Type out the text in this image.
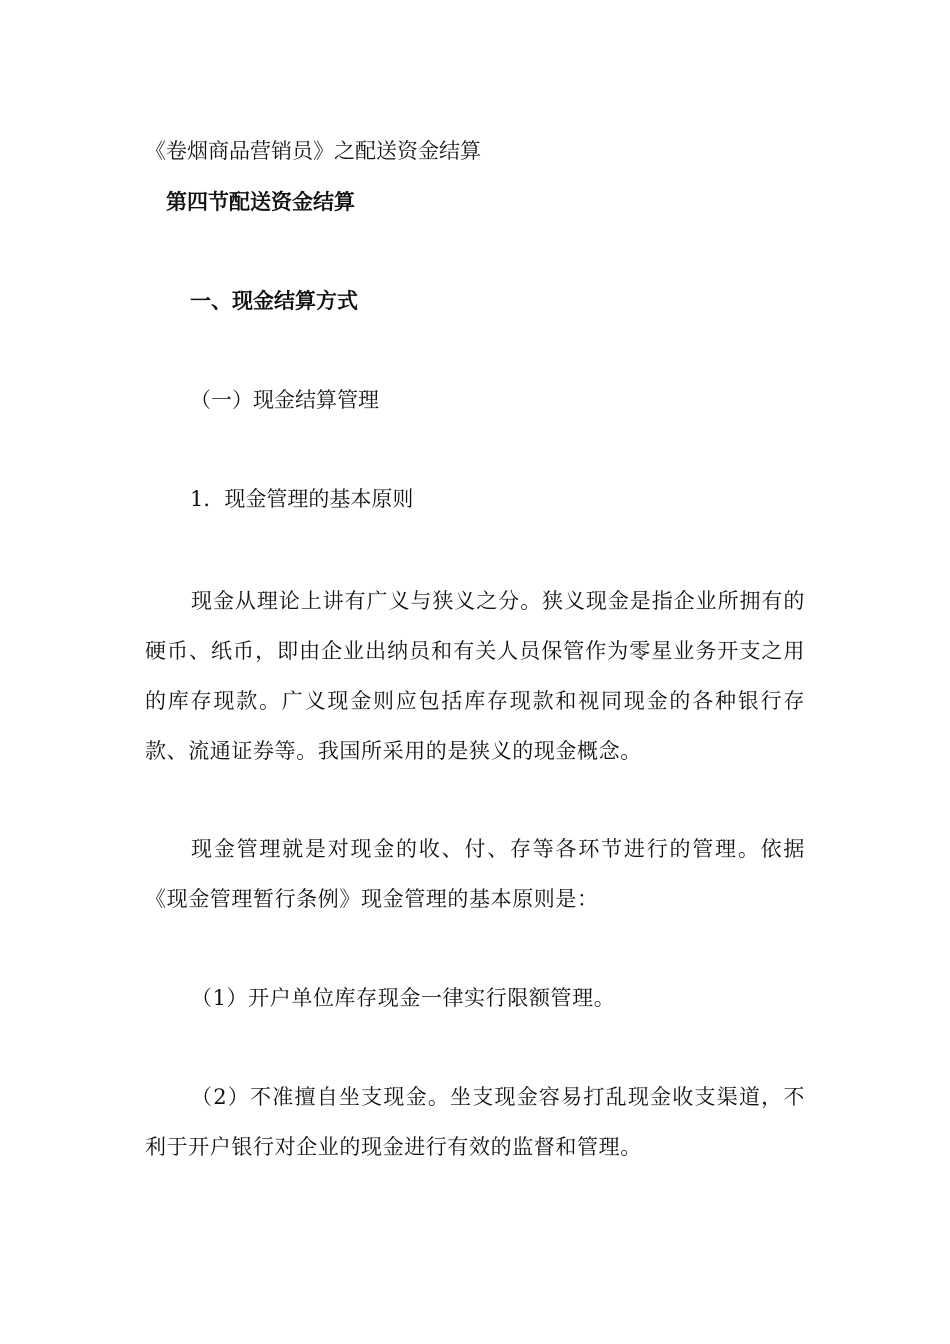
《卷烟商品营销员》之配送资金结算
第四节配送资金结算
一、现金结算方式
（一）现金结算管理
1．现金管理的基本原则
现金从理论上讲有广义与狭义之分。狭义现金是指企业所拥有的硬币、纸币，即由企业出纳员和有关人员保管作为零星业务开支之用的库存现款。广义现金则应包括库存现款和视同现金的各种银行存款、流通证券等。我国所采用的是狭义的现金概念。
现金管理就是对现金的收、付、存等各环节进行的管理。依据《现金管理暂行条例》现金管理的基本原则是：
（1）开户单位库存现金一律实行限额管理。
（2）不准擅自坐支现金。坐支现金容易打乱现金收支渠道，不利于开户银行对企业的现金进行有效的监督和管理。
